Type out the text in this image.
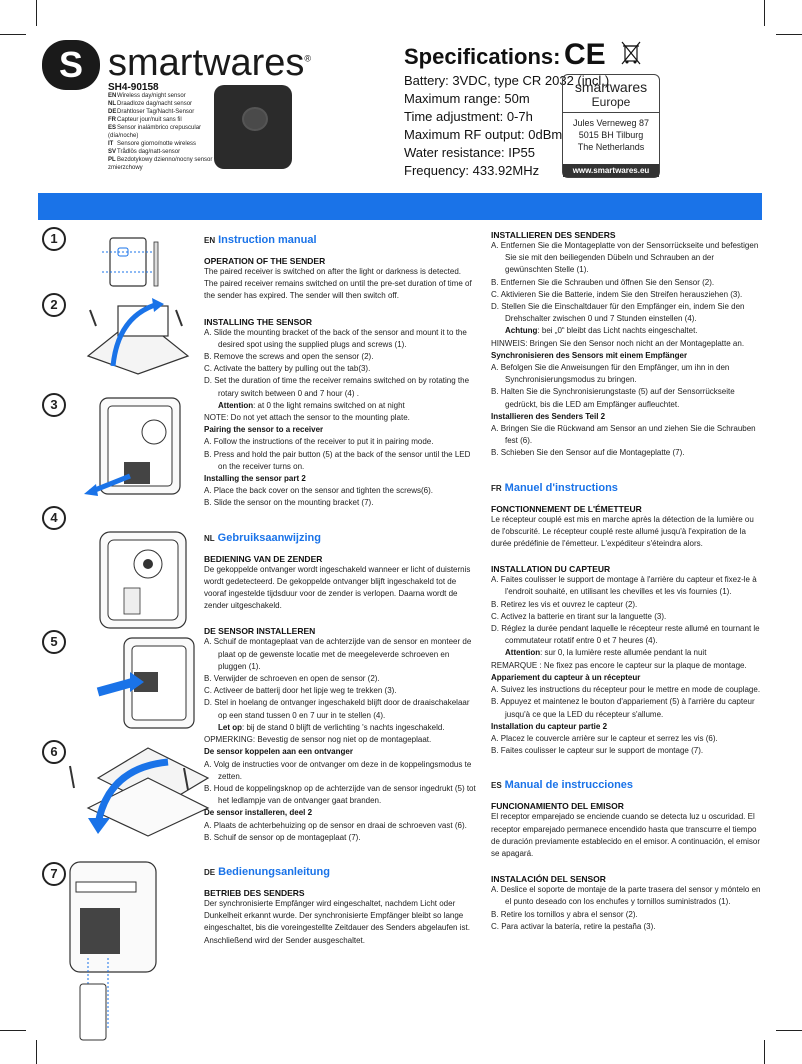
S smartwares®
SH4-90158
ENWireless day/night sensor
NLDraadloze dag/nacht sensor
DEDrahtloser Tag/Nacht-Sensor
FRCapteur jour/nuit sans fil
ESSensor inalámbrico crepuscular (día/noche)
IT Sensore giorno/notte wireless
SVTrådlös dag/natt-sensor
PLBezdotykowy dzienno/nocny sensor zmierzchowy
Specifications:
Battery: 3VDC, type CR 2032 (incl.)
Maximum range: 50m
Time adjustment: 0-7h
Maximum RF output: 0dBm
Water resistance: IP55
Frequency: 433.92MHz
CE
smartwares
Europe
Jules Verneweg 87
5015 BH Tilburg
The Netherlands
www.smartwares.eu
1
2
3
4
5
6
7
EN Instruction manual
OPERATION OF THE SENDER

The paired receiver is switched on after the light or darkness is detected. The paired receiver remains switched on until the pre-set duration of time of the sender has expired. The sender will then switch off.

INSTALLING THE SENSOR

A. Slide the mounting bracket of the back of the sensor and mount it to the desired spot using the supplied plugs and screws (1).

B. Remove the screws and open the sensor (2).

C. Activate the battery by pulling out the tab(3).

D. Set the duration of time the receiver remains switched on by rotating the rotary switch between 0 and 7 hour (4) .

Attention: at 0 the light remains switched on at night

NOTE: Do not yet attach the sensor to the mounting plate.

Pairing the sensor to a receiver

A. Follow the instructions of the receiver to put it in pairing mode.

B. Press and hold the pair button (5) at the back of the sensor until the LED on the receiver turns on.

Installing the sensor part 2

A. Place the back cover on the sensor and tighten the screws(6).

B. Slide the sensor on the mounting bracket (7).

NL Gebruiksaanwijzing
BEDIENING VAN DE ZENDER

De gekoppelde ontvanger wordt ingeschakeld wanneer er licht of duisternis wordt gedetecteerd. De gekoppelde ontvanger blijft ingeschakeld tot de vooraf ingestelde tijdsduur voor de zender is verlopen. Daarna wordt de zender uitgeschakeld.

DE SENSOR INSTALLEREN

A. Schuif de montageplaat van de achterzijde van de sensor en monteer de plaat op de gewenste locatie met de meegeleverde schroeven en pluggen (1).

B. Verwijder de schroeven en open de sensor (2).

C. Activeer de batterij door het lipje weg te trekken (3).

D. Stel in hoelang de ontvanger ingeschakeld blijft door de draaischakelaar op een stand tussen 0 en 7 uur in te stellen (4).

Let op: bij de stand 0 blijft de verlichting 's nachts ingeschakeld.

OPMERKING: Bevestig de sensor nog niet op de montageplaat.

De sensor koppelen aan een ontvanger

A. Volg de instructies voor de ontvanger om deze in de koppelingsmodus te zetten.

B. Houd de koppelingsknop op de achterzijde van de sensor ingedrukt (5) tot het ledlampje van de ontvanger gaat branden.

De sensor installeren, deel 2

A. Plaats de achterbehuizing op de sensor en draai de schroeven vast (6).

B. Schuif de sensor op de montageplaat (7).

DE Bedienungsanleitung
BETRIEB DES SENDERS

Der synchronisierte Empfänger wird eingeschaltet, nachdem Licht oder Dunkelheit erkannt wurde. Der synchronisierte Empfänger bleibt so lange eingeschaltet, bis die voreingestellte Zeitdauer des Senders abgelaufen ist. Anschließend wird der Sender ausgeschaltet.

INSTALLIEREN DES SENDERS

A. Entfernen Sie die Montageplatte von der Sensorrückseite und befestigen Sie sie mit den beiliegenden Dübeln und Schrauben an der gewünschten Stelle (1).

B. Entfernen Sie die Schrauben und öffnen Sie den Sensor (2).

C. Aktivieren Sie die Batterie, indem Sie den Streifen herausziehen (3).

D. Stellen Sie die Einschaltdauer für den Empfänger ein, indem Sie den Drehschalter zwischen 0 und 7 Stunden einstellen (4).

Achtung: bei „0“ bleibt das Licht nachts eingeschaltet.

HINWEIS: Bringen Sie den Sensor noch nicht an der Montageplatte an.

Synchronisieren des Sensors mit einem Empfänger

A. Befolgen Sie die Anweisungen für den Empfänger, um ihn in den Synchronisierungsmodus zu bringen.

B. Halten Sie die Synchronisierungstaste (5) auf der Sensorrückseite gedrückt, bis die LED am Empfänger aufleuchtet.

Installieren des Senders Teil 2

A. Bringen Sie die Rückwand am Sensor an und ziehen Sie die Schrauben fest (6).

B. Schieben Sie den Sensor auf die Montageplatte (7).

FR Manuel d'instructions
FONCTIONNEMENT DE L'ÉMETTEUR

Le récepteur couplé est mis en marche après la détection de la lumière ou de l'obscurité. Le récepteur couplé reste allumé jusqu'à l'expiration de la durée prédéfinie de l'émetteur. L'expéditeur s'éteindra alors.

INSTALLATION DU CAPTEUR

A. Faites coulisser le support de montage à l'arrière du capteur et fixez-le à l'endroit souhaité, en utilisant les chevilles et les vis fournies (1).

B. Retirez les vis et ouvrez le capteur (2).

C. Activez la batterie en tirant sur la languette (3).

D. Réglez la durée pendant laquelle le récepteur reste allumé en tournant le commutateur rotatif entre 0 et 7 heures (4).

Attention: sur 0, la lumière reste allumée pendant la nuit

REMARQUE : Ne fixez pas encore le capteur sur la plaque de montage.

Appariement du capteur à un récepteur

A. Suivez les instructions du récepteur pour le mettre en mode de couplage.

B. Appuyez et maintenez le bouton d'appariement (5) à l'arrière du capteur jusqu'à ce que la LED du récepteur s'allume.

Installation du capteur partie 2

A. Placez le couvercle arrière sur le capteur et serrez les vis (6).

B. Faites coulisser le capteur sur le support de montage (7).

ES Manual de instrucciones
FUNCIONAMIENTO DEL EMISOR

El receptor emparejado se enciende cuando se detecta luz u oscuridad. El receptor emparejado permanece encendido hasta que transcurre el tiempo de duración previamente establecido en el emisor. A continuación, el emisor se apagará.

INSTALACIÓN DEL SENSOR

A. Deslice el soporte de montaje de la parte trasera del sensor y móntelo en el punto deseado con los enchufes y tornillos suministrados (1).

B. Retire los tornillos y abra el sensor (2).

C. Para activar la batería, retire la pestaña (3).
